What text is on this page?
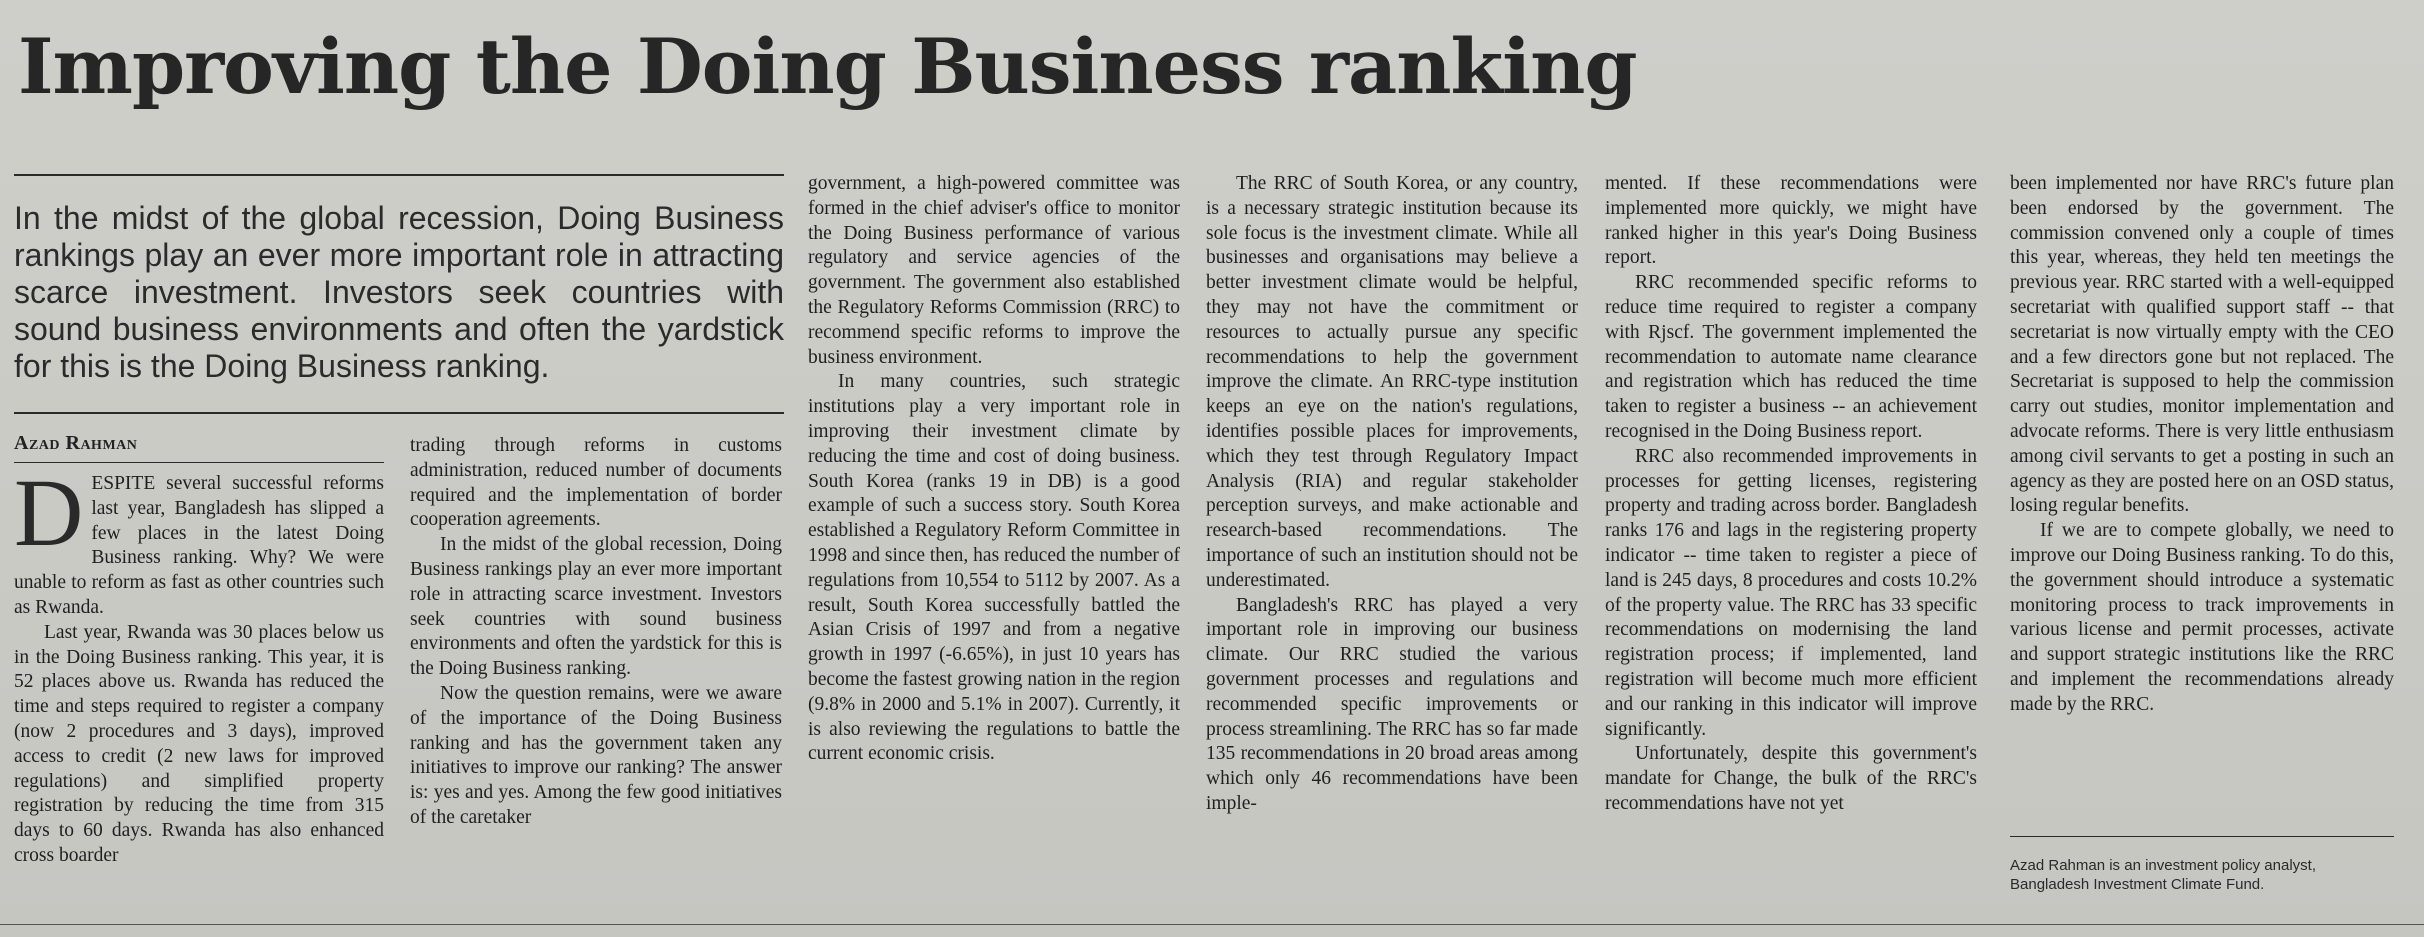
Improving the Doing Business ranking

In the midst of the global recession, Doing Business rankings play an ever more important role in attracting scarce investment. Investors seek countries with sound business environments and often the yardstick for this is the Doing Business ranking.

Azad Rahman

DESPITE several successful reforms last year, Bangladesh has slipped a few places in the latest Doing Business ranking. Why? We were unable to reform as fast as other countries such as Rwanda.

Last year, Rwanda was 30 places below us in the Doing Business ranking. This year, it is 52 places above us. Rwanda has reduced the time and steps required to register a company (now 2 procedures and 3 days), improved access to credit (2 new laws for improved regulations) and simplified property registration by reducing the time from 315 days to 60 days. Rwanda has also enhanced cross boarder

trading through reforms in customs administration, reduced number of documents required and the implementation of border cooperation agreements.

In the midst of the global recession, Doing Business rankings play an ever more important role in attracting scarce investment. Investors seek countries with sound business environments and often the yardstick for this is the Doing Business ranking.

Now the question remains, were we aware of the importance of the Doing Business ranking and has the government taken any initiatives to improve our ranking? The answer is: yes and yes. Among the few good initiatives of the caretaker

government, a high-powered committee was formed in the chief adviser's office to monitor the Doing Business performance of various regulatory and service agencies of the government. The government also established the Regulatory Reforms Commission (RRC) to recommend specific reforms to improve the business environment.

In many countries, such strategic institutions play a very important role in improving their investment climate by reducing the time and cost of doing business. South Korea (ranks 19 in DB) is a good example of such a success story. South Korea established a Regulatory Reform Committee in 1998 and since then, has reduced the number of regulations from 10,554 to 5112 by 2007. As a result, South Korea successfully battled the Asian Crisis of 1997 and from a negative growth in 1997 (-6.65%), in just 10 years has become the fastest growing nation in the region (9.8% in 2000 and 5.1% in 2007). Currently, it is also reviewing the regulations to battle the current economic crisis.

The RRC of South Korea, or any country, is a necessary strategic institution because its sole focus is the investment climate. While all businesses and organisations may believe a better investment climate would be helpful, they may not have the commitment or resources to actually pursue any specific recommendations to help the government improve the climate. An RRC-type institution keeps an eye on the nation's regulations, identifies possible places for improvements, which they test through Regulatory Impact Analysis (RIA) and regular stakeholder perception surveys, and make actionable and research-based recommendations. The importance of such an institution should not be underestimated.

Bangladesh's RRC has played a very important role in improving our business climate. Our RRC studied the various government processes and regulations and recommended specific improvements or process streamlining. The RRC has so far made 135 recommendations in 20 broad areas among which only 46 recommendations have been imple-

mented. If these recommendations were implemented more quickly, we might have ranked higher in this year's Doing Business report.

RRC recommended specific reforms to reduce time required to register a company with Rjscf. The government implemented the recommendation to automate name clearance and registration which has reduced the time taken to register a business -- an achievement recognised in the Doing Business report.

RRC also recommended improvements in processes for getting licenses, registering property and trading across border. Bangladesh ranks 176 and lags in the registering property indicator -- time taken to register a piece of land is 245 days, 8 procedures and costs 10.2% of the property value. The RRC has 33 specific recommendations on modernising the land registration process; if implemented, land registration will become much more efficient and our ranking in this indicator will improve significantly.

Unfortunately, despite this government's mandate for Change, the bulk of the RRC's recommendations have not yet

been implemented nor have RRC's future plan been endorsed by the government. The commission convened only a couple of times this year, whereas, they held ten meetings the previous year. RRC started with a well-equipped secretariat with qualified support staff -- that secretariat is now virtually empty with the CEO and a few directors gone but not replaced. The Secretariat is supposed to help the commission carry out studies, monitor implementation and advocate reforms. There is very little enthusiasm among civil servants to get a posting in such an agency as they are posted here on an OSD status, losing regular benefits.

If we are to compete globally, we need to improve our Doing Business ranking. To do this, the government should introduce a systematic monitoring process to track improvements in various license and permit processes, activate and support strategic institutions like the RRC and implement the recommendations already made by the RRC.

Azad Rahman is an investment policy analyst, Bangladesh Investment Climate Fund.
